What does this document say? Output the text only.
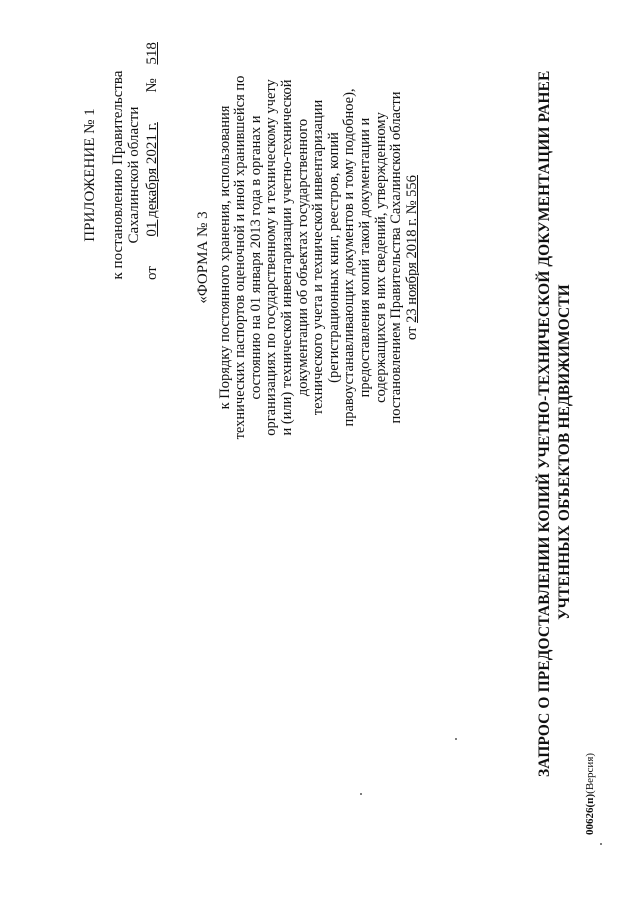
ПРИЛОЖЕНИЕ № 1 к постановлению Правительства Сахалинской области
от  01 декабря 2021 г.  № 518
«ФОРМА № 3 к Порядку постоянного хранения, использования технических паспортов оценочной и иной хранившейся по состоянию на 01 января 2013 года в органах и организациях по государственному и техническому учету и (или) технической инвентаризации учетно-технической документации об объектах государственного технического учета и технической инвентаризации (регистрационных книг, реестров, копий правоустанавливающих документов и тому подобное), предоставления копий такой документации и содержащихся в них сведений, утвержденному постановлением Правительства Сахалинской области от 23 ноября 2018 г. № 556	ЗАПРОС О ПРЕДОСТАВЛЕНИИ КОПИЙ УЧЕТНО-ТЕХНИЧЕСКОЙ ДОКУМЕНТАЦИИ РАНЕЕ УЧТЕННЫХ ОБЪЕКТОВ НЕДВИЖИМОСТИ
00626(п)(Версия)
